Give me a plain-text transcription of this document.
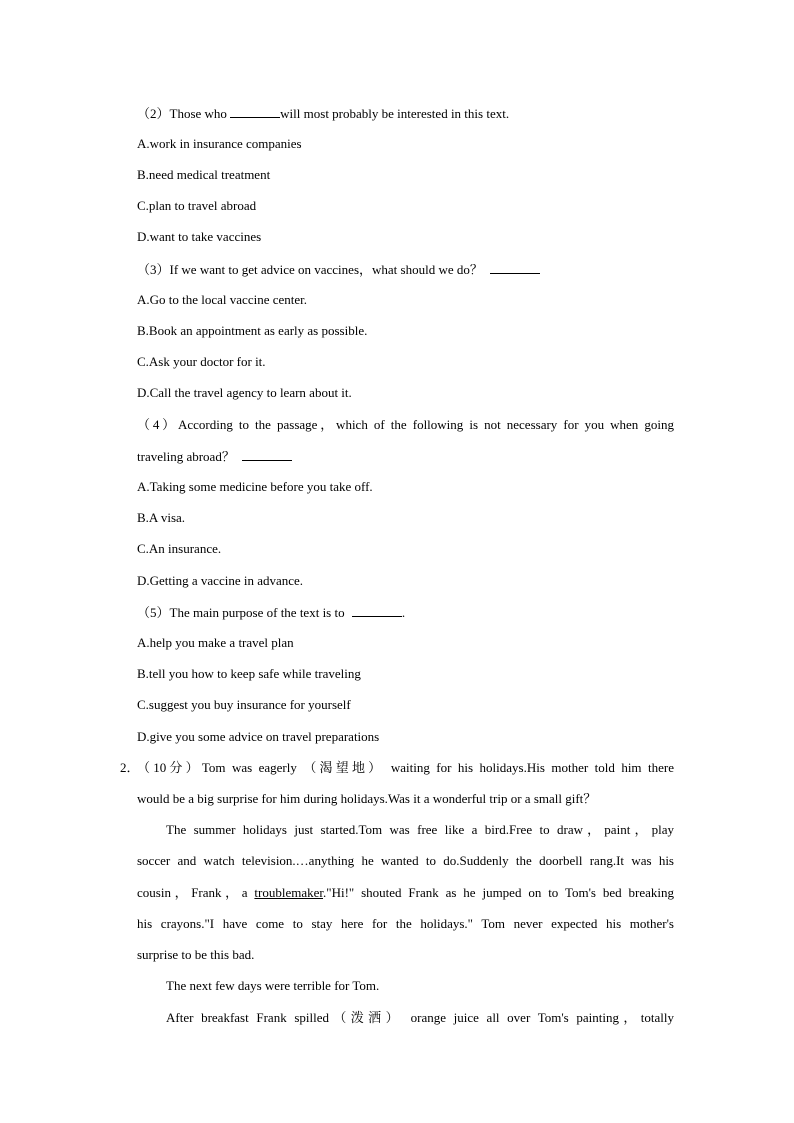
（2）Those who	will most probably be interested in this text.
A.work in insurance companies
B.need medical treatment
C.plan to travel abroad
D.want to take vaccines
（3）If we want to get advice on vaccines，what should we do？
A.Go to the local vaccine center.
B.Book an appointment as early as possible.
C.Ask your doctor for it.
D.Call the travel agency to learn about it.
（4）According to the passage，which of the following is not necessary for you when going
traveling abroad？
A.Taking some medicine before you take off.
B.A visa.
C.An insurance.
D.Getting a vaccine in advance.
（5）The main purpose of the text is to	.
A.help you make a travel plan
B.tell you how to keep safe while traveling
C.suggest you buy insurance for yourself
D.give you some advice on travel preparations
2．
（10分）Tom was eagerly （渴望地） waiting for his holidays.His mother told him there
would be a big surprise for him during holidays.Was it a wonderful trip or a small gift？
The summer holidays just started.Tom was free like a bird.Free to draw，paint，play
soccer and watch television.…anything he wanted to do.Suddenly the doorbell rang.It was his
cousin，Frank，a troublemaker."Hi!" shouted Frank as he jumped on to Tom's bed breaking
his crayons."I have come to stay here for the holidays." Tom never expected his mother's
surprise to be this bad.
The next few days were terrible for Tom.
After breakfast Frank spilled（泼洒） orange juice all over Tom's painting，totally
